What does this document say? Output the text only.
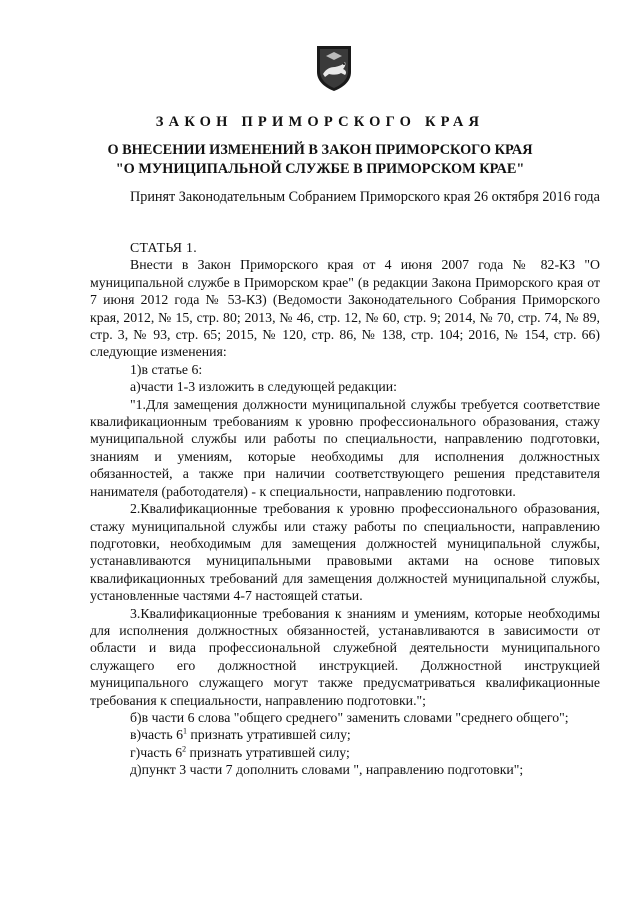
ЗАКОН ПРИМОРСКОГО КРАЯ

О ВНЕСЕНИИ ИЗМЕНЕНИЙ В ЗАКОН ПРИМОРСКОГО КРАЯ

"О МУНИЦИПАЛЬНОЙ СЛУЖБЕ В ПРИМОРСКОМ КРАЕ"

Принят Законодательным Собранием Приморского края 26 октября 2016 года

СТАТЬЯ 1.

Внести в Закон Приморского края от 4 июня 2007 года № 82-КЗ "О муниципальной службе в Приморском крае" (в редакции Закона Приморского края от 7 июня 2012 года № 53-КЗ) (Ведомости Законодательного Собрания Приморского края, 2012, № 15, стр. 80; 2013, № 46, стр. 12, № 60, стр. 9; 2014, № 70, стр. 74, № 89, стр. 3, № 93, стр. 65; 2015, № 120, стр. 86, № 138, стр. 104; 2016, № 154, стр. 66) следующие изменения:

1)в статье 6:

а)части 1-3 изложить в следующей редакции:

"1.Для замещения должности муниципальной службы требуется соответствие квалификационным требованиям к уровню профессионального образования, стажу муниципальной службы или работы по специальности, направлению подготовки, знаниям и умениям, которые необходимы для исполнения должностных обязанностей, а также при наличии соответствующего решения представителя нанимателя (работодателя) - к специальности, направлению подготовки.

2.Квалификационные требования к уровню профессионального образования, стажу муниципальной службы или стажу работы по специальности, направлению подготовки, необходимым для замещения должностей муниципальной службы, устанавливаются муниципальными правовыми актами на основе типовых квалификационных требований для замещения должностей муниципальной службы, установленные частями 4-7 настоящей статьи.

3.Квалификационные требования к знаниям и умениям, которые необходимы для исполнения должностных обязанностей, устанавливаются в зависимости от области и вида профессиональной служебной деятельности муниципального служащего его должностной инструкцией. Должностной инструкцией муниципального служащего могут также предусматриваться квалификационные требования к специальности, направлению подготовки.";

б)в части 6 слова "общего среднего" заменить словами "среднего общего";

в)часть $6^1$ признать утратившей силу;

г)часть $6^2$ признать утратившей силу;

д)пункт 3 части 7 дополнить словами ", направлению подготовки";
